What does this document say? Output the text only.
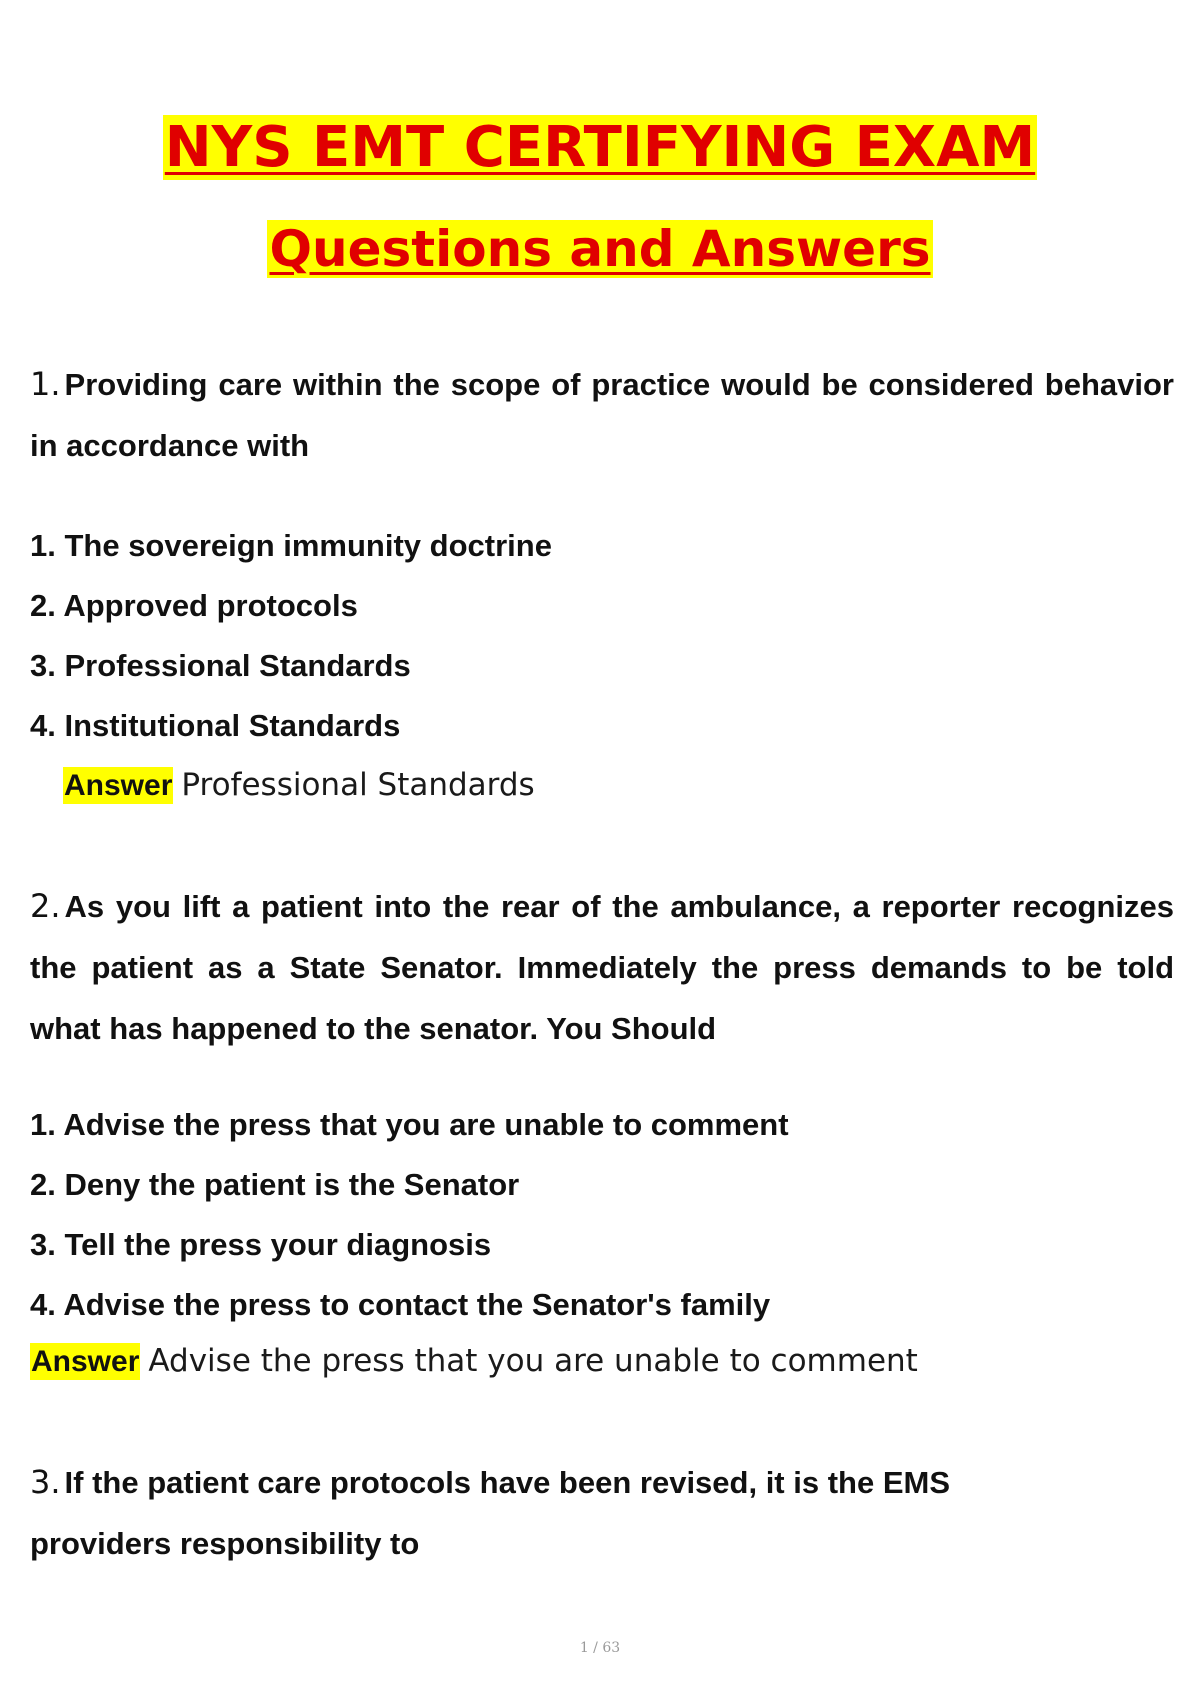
NYS EMT CERTIFYING EXAM
Questions and Answers
1. Providing care within the scope of practice would be considered behavior in accordance with
1. The sovereign immunity doctrine
2. Approved protocols
3. Professional Standards
4. Institutional Standards
Answer Professional Standards
2. As you lift a patient into the rear of the ambulance, a reporter recognizes the patient as a State Senator. Immediately the press demands to be told what has happened to the senator. You Should
1. Advise the press that you are unable to comment
2. Deny the patient is the Senator
3. Tell the press your diagnosis
4. Advise the press to contact the Senator's family
Answer Advise the press that you are unable to comment
3. If the patient care protocols have been revised, it is the EMS
providers responsibility to
1 / 63
